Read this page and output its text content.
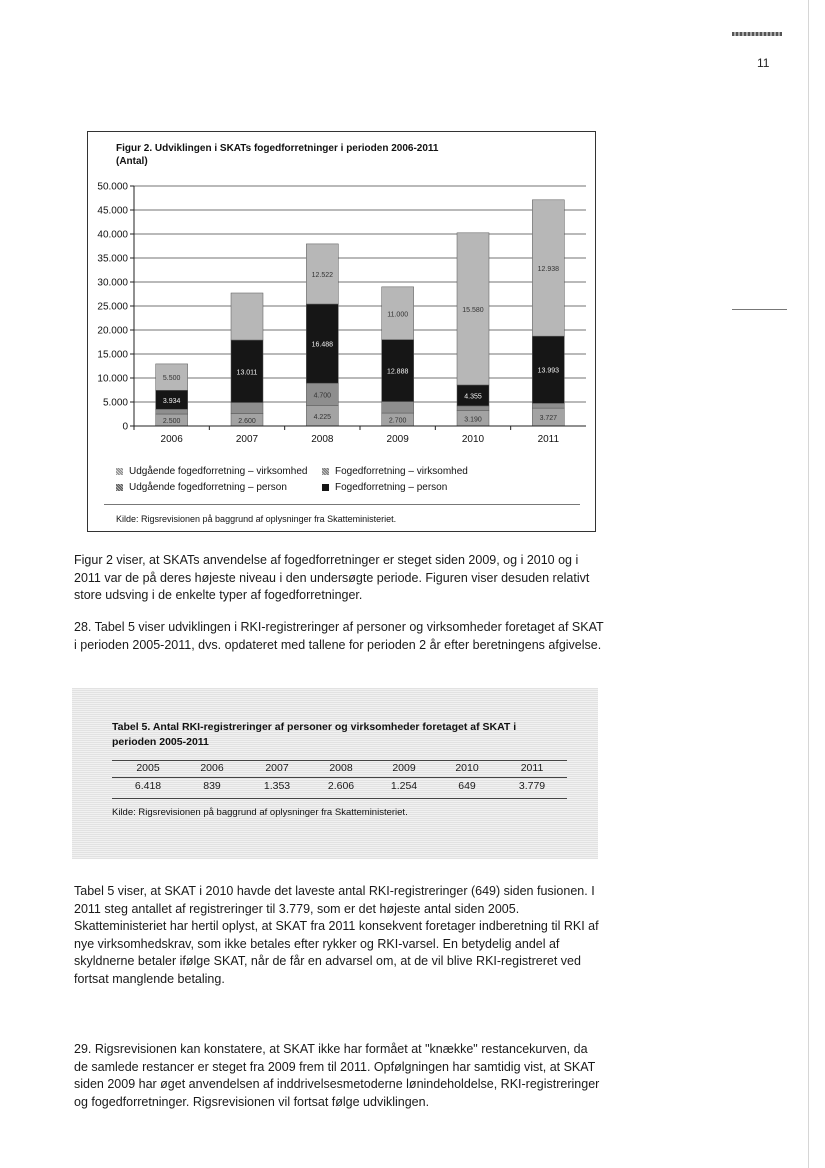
11
Figur 2. Udviklingen i SKATs fogedforretninger i perioden 2006-2011
(Antal)
2.500
3.934
5.500
2.600
13.011
4.225
4.700
16.488
12.522
2.700
12.888
11.000
3.190
4.355
15.580
3.727
13.993
12.938
0
5.000
10.000
15.000
20.000
25.000
30.000
35.000
40.000
45.000
50.000
2006	2007	2008	2009	2010	2011
Udgående fogedforretning – virksomhed
Udgående fogedforretning – person
Fogedforretning – virksomhed
Fogedforretning – person
Kilde: Rigsrevisionen på baggrund af oplysninger fra Skatteministeriet.

Figur 2 viser, at SKATs anvendelse af fogedforretninger er steget siden 2009, og i 2010 og i 2011 var de på deres højeste niveau i den undersøgte periode. Figuren viser desuden relativt store udsving i de enkelte typer af fogedforretninger.

28. Tabel 5 viser udviklingen i RKI-registreringer af personer og virksomheder foretaget af SKAT i perioden 2005-2011, dvs. opdateret med tallene for perioden 2 år efter beretningens afgivelse.

Tabel 5. Antal RKI-registreringer af personer og virksomheder foretaget af SKAT i
perioden 2005-2011
2005	2006	2007	2008	2009	2010	2011
6.418	839	1.353	2.606	1.254	649	3.779
Kilde: Rigsrevisionen på baggrund af oplysninger fra Skatteministeriet.

Tabel 5 viser, at SKAT i 2010 havde det laveste antal RKI-registreringer (649) siden fusionen. I 2011 steg antallet af registreringer til 3.779, som er det højeste antal siden 2005. Skatteministeriet har hertil oplyst, at SKAT fra 2011 konsekvent foretager indberetning til RKI af nye virksomhedskrav, som ikke betales efter rykker og RKI-varsel. En betydelig andel af skyldnerne betaler ifølge SKAT, når de får en advarsel om, at de vil blive RKI-registreret ved fortsat manglende betaling.

29. Rigsrevisionen kan konstatere, at SKAT ikke har formået at "knække" restancekurven, da de samlede restancer er steget fra 2009 frem til 2011. Opfølgningen har samtidig vist, at SKAT siden 2009 har øget anvendelsen af inddrivelsesmetoderne lønindeholdelse, RKI-registreringer og fogedforretninger. Rigsrevisionen vil fortsat følge udviklingen.
